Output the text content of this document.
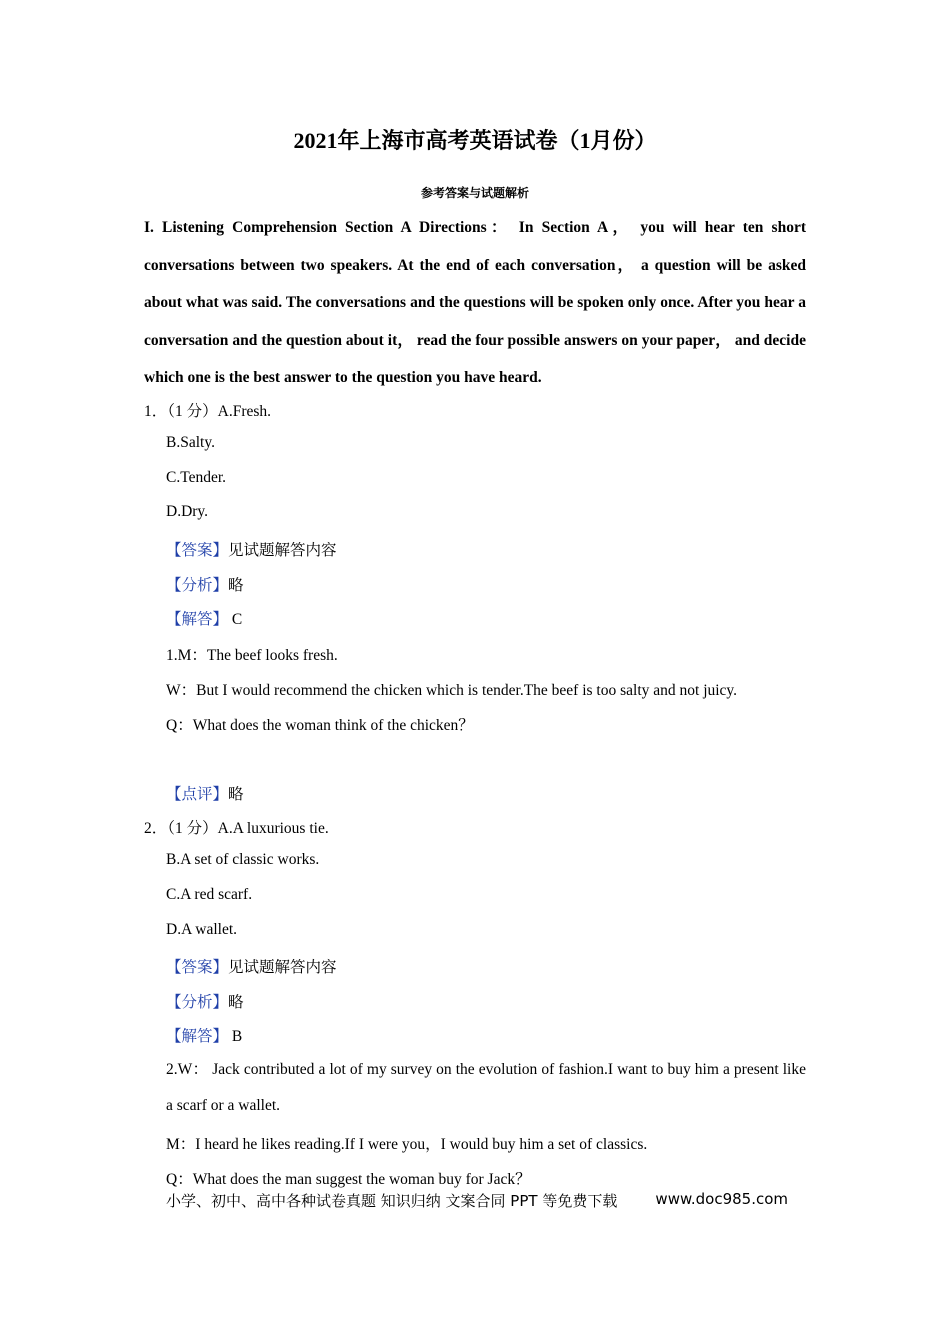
2021年上海市高考英语试卷（1月份）
参考答案与试题解析
I. Listening Comprehension Section A Directions： In Section A， you will hear ten short conversations between two speakers. At the end of each conversation， a question will be asked about what was said. The conversations and the questions will be spoken only once. After you hear a conversation and the question about it， read the four possible answers on your paper， and decide which one is the best answer to the question you have heard.
1．（1 分）A.Fresh.
B.Salty.
C.Tender.
D.Dry.
【答案】见试题解答内容
【分析】略
【解答】 C
1.M：The beef looks fresh.
W：But I would recommend the chicken which is tender.The beef is too salty and not juicy.
Q：What does the woman think of the chicken？
【点评】略
2．（1 分）A.A luxurious tie.
B.A set of classic works.
C.A red scarf.
D.A wallet.
【答案】见试题解答内容
【分析】略
【解答】 B
2.W： Jack contributed a lot of my survey on the evolution of fashion.I want to buy him a present like a scarf or a wallet.
M：I heard he likes reading.If I were you，I would buy him a set of classics.
Q：What does the man suggest the woman buy for Jack？
小学、初中、高中各种试卷真题 知识归纳 文案合同 PPT 等免费下载	www.doc985.com
